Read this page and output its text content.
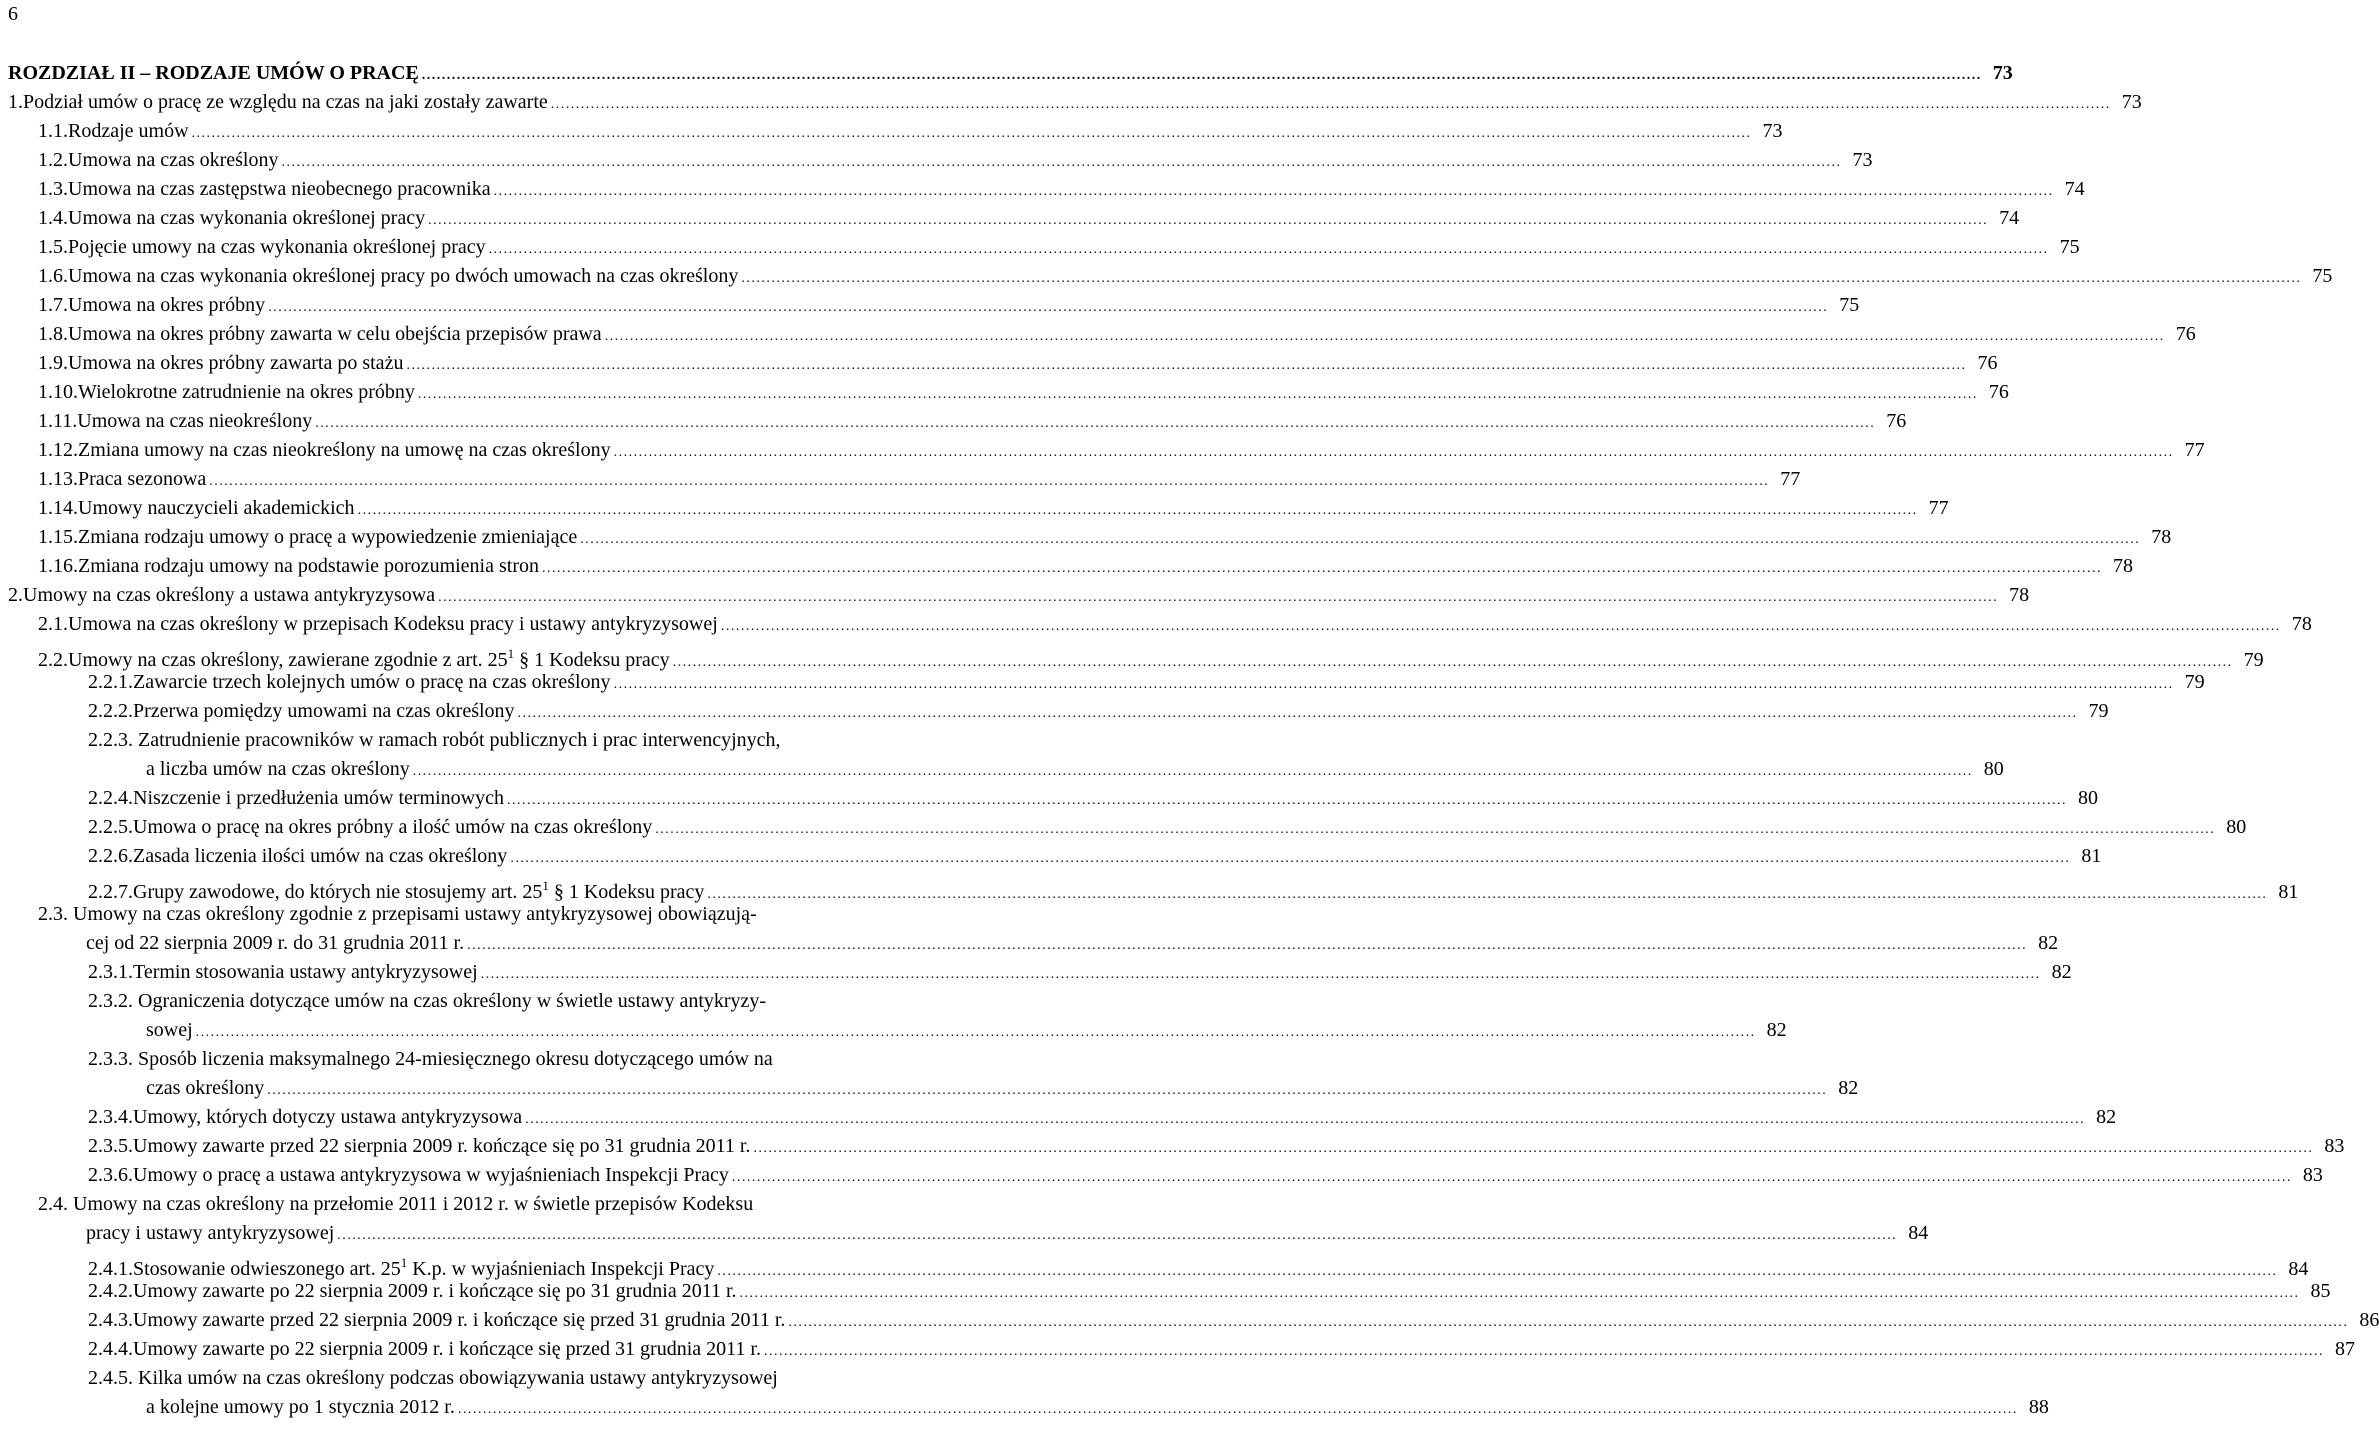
6
ROZDZIAŁ II – RODZAJE UMÓW O PRACĘ .....	73
1. Podział umów o pracę ze względu na czas na jaki zostały zawarte .....	73
1.1. Rodzaje umów .....	73
1.2. Umowa na czas określony .....	73
1.3. Umowa na czas zastępstwa nieobecnego pracownika .....	74
1.4. Umowa na czas wykonania określonej pracy .....	74
1.5. Pojęcie umowy na czas wykonania określonej pracy .....	75
1.6. Umowa na czas wykonania określonej pracy po dwóch umowach na czas określony .....	75
1.7. Umowa na okres próbny .....	75
1.8. Umowa na okres próbny zawarta w celu obejścia przepisów prawa .....	76
1.9. Umowa na okres próbny zawarta po stażu .....	76
1.10. Wielokrotne zatrudnienie na okres próbny .....	76
1.11. Umowa na czas nieokreślony .....	76
1.12. Zmiana umowy na czas nieokreślony na umowę na czas określony .....	77
1.13. Praca sezonowa .....	77
1.14. Umowy nauczycieli akademickich .....	77
1.15. Zmiana rodzaju umowy o pracę a wypowiedzenie zmieniające .....	78
1.16. Zmiana rodzaju umowy na podstawie porozumienia stron .....	78
2. Umowy na czas określony a ustawa antykryzysowa .....	78
2.1. Umowa na czas określony w przepisach Kodeksu pracy i ustawy antykryzysowej .....	78
2.2. Umowy na czas określony, zawierane zgodnie z art. $25^1$ § 1 Kodeksu pracy .....	79
2.2.1. Zawarcie trzech kolejnych umów o pracę na czas określony .....	79
2.2.2. Przerwa pomiędzy umowami na czas określony .....	79
2.2.3. Zatrudnienie pracowników w ramach robót publicznych i prac interwencyjnych,
a liczba umów na czas określony .....	80
2.2.4. Niszczenie i przedłużenia umów terminowych .....	80
2.2.5. Umowa o pracę na okres próbny a ilość umów na czas określony .....	80
2.2.6. Zasada liczenia ilości umów na czas określony .....	81
2.2.7. Grupy zawodowe, do których nie stosujemy art. $25^1$ § 1 Kodeksu pracy .....	81
2.3. Umowy na czas określony zgodnie z przepisami ustawy antykryzysowej obowiązują-
cej od 22 sierpnia 2009 r. do 31 grudnia 2011 r. .....	82
2.3.1. Termin stosowania ustawy antykryzysowej .....	82
2.3.2. Ograniczenia dotyczące umów na czas określony w świetle ustawy antykryzy-
sowej .....	82
2.3.3. Sposób liczenia maksymalnego 24-miesięcznego okresu dotyczącego umów na
czas określony .....	82
2.3.4. Umowy, których dotyczy ustawa antykryzysowa .....	82
2.3.5. Umowy zawarte przed 22 sierpnia 2009 r. kończące się po 31 grudnia 2011 r. .....	83
2.3.6. Umowy o pracę a ustawa antykryzysowa w wyjaśnieniach Inspekcji Pracy .....	83
2.4. Umowy na czas określony na przełomie 2011 i 2012 r. w świetle przepisów Kodeksu
pracy i ustawy antykryzysowej .....	84
2.4.1. Stosowanie odwieszonego art. $25^1$ K.p. w wyjaśnieniach Inspekcji Pracy .....	84
2.4.2. Umowy zawarte po 22 sierpnia 2009 r. i kończące się po 31 grudnia 2011 r. .....	85
2.4.3. Umowy zawarte przed 22 sierpnia 2009 r. i kończące się przed 31 grudnia 2011 r. .....	86
2.4.4. Umowy zawarte po 22 sierpnia 2009 r. i kończące się przed 31 grudnia 2011 r. .....	87
2.4.5. Kilka umów na czas określony podczas obowiązywania ustawy antykryzysowej
a kolejne umowy po 1 stycznia 2012 r. .....	88
